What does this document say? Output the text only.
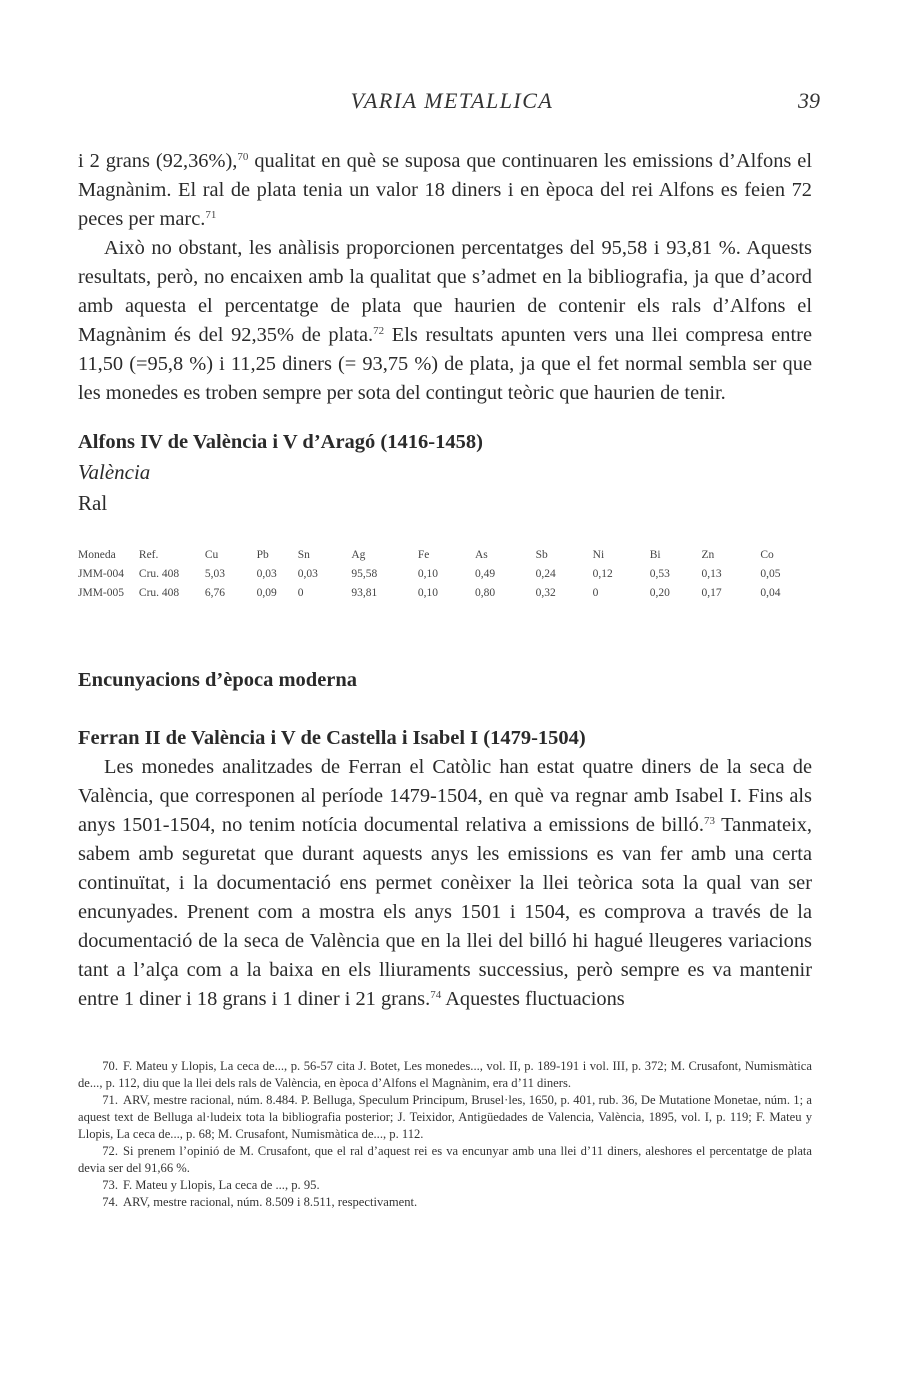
VARIA METALLICA	39

i 2 grans (92,36%),$^{70}$ qualitat en què se suposa que continuaren les emissions d’Alfons el Magnànim. El ral de plata tenia un valor 18 diners i en època del rei Alfons es feien 72 peces per marc.$^{71}$

Això no obstant, les anàlisis proporcionen percentatges del 95,58 i 93,81 %. Aquests resultats, però, no encaixen amb la qualitat que s’admet en la bibliografia, ja que d’acord amb aquesta el percentatge de plata que haurien de contenir els rals d’Alfons el Magnànim és del 92,35% de plata.$^{72}$ Els resultats apunten vers una llei compresa entre 11,50 (=95,8 %) i 11,25 diners (= 93,75 %) de plata, ja que el fet normal sembla ser que les monedes es troben sempre per sota del contingut teòric que haurien de tenir.

Alfons IV de València i V d’Aragó (1416-1458)

València

Ral

Moneda	Ref.	Cu	Pb	Sn	Ag	Fe	As	Sb	Ni	Bi	Zn	Co
JMM-004	Cru. 408	5,03	0,03	0,03	95,58	0,10	0,49	0,24	0,12	0,53	0,13	0,05
JMM-005	Cru. 408	6,76	0,09	0	93,81	0,10	0,80	0,32	0	0,20	0,17	0,04

Encunyacions d’època moderna

Ferran II de València i V de Castella i Isabel I (1479-1504)

Les monedes analitzades de Ferran el Catòlic han estat quatre diners de la seca de València, que corresponen al període 1479-1504, en què va regnar amb Isabel I. Fins als anys 1501-1504, no tenim notícia documental relativa a emissions de billó.$^{73}$ Tanmateix, sabem amb seguretat que durant aquests anys les emissions es van fer amb una certa continuïtat, i la documentació ens permet conèixer la llei teòrica sota la qual van ser encunyades. Prenent com a mostra els anys 1501 i 1504, es comprova a través de la documentació de la seca de València que en la llei del billó hi hagué lleugeres variacions tant a l’alça com a la baixa en els lliuraments successius, però sempre es va mantenir entre 1 diner i 18 grans i 1 diner i 21 grans.$^{74}$ Aquestes fluctuacions

70. F. Mateu y Llopis, La ceca de..., p. 56-57 cita J. Botet, Les monedes..., vol. II, p. 189-191 i vol. III, p. 372; M. Crusafont, Numismàtica de..., p. 112, diu que la llei dels rals de València, en època d’Alfons el Magnànim, era d’11 diners.

71. ARV, mestre racional, núm. 8.484. P. Belluga, Speculum Principum, Brusel·les, 1650, p. 401, rub. 36, De Mutatione Monetae, núm. 1; a aquest text de Belluga al·ludeix tota la bibliografia posterior; J. Teixidor, Antigüedades de Valencia, València, 1895, vol. I, p. 119; F. Mateu y Llopis, La ceca de..., p. 68; M. Crusafont, Numismàtica de..., p. 112.

72. Si prenem l’opinió de M. Crusafont, que el ral d’aquest rei es va encunyar amb una llei d’11 diners, aleshores el percentatge de plata devia ser del 91,66 %.

73. F. Mateu y Llopis, La ceca de ..., p. 95.

74. ARV, mestre racional, núm. 8.509 i 8.511, respectivament.
